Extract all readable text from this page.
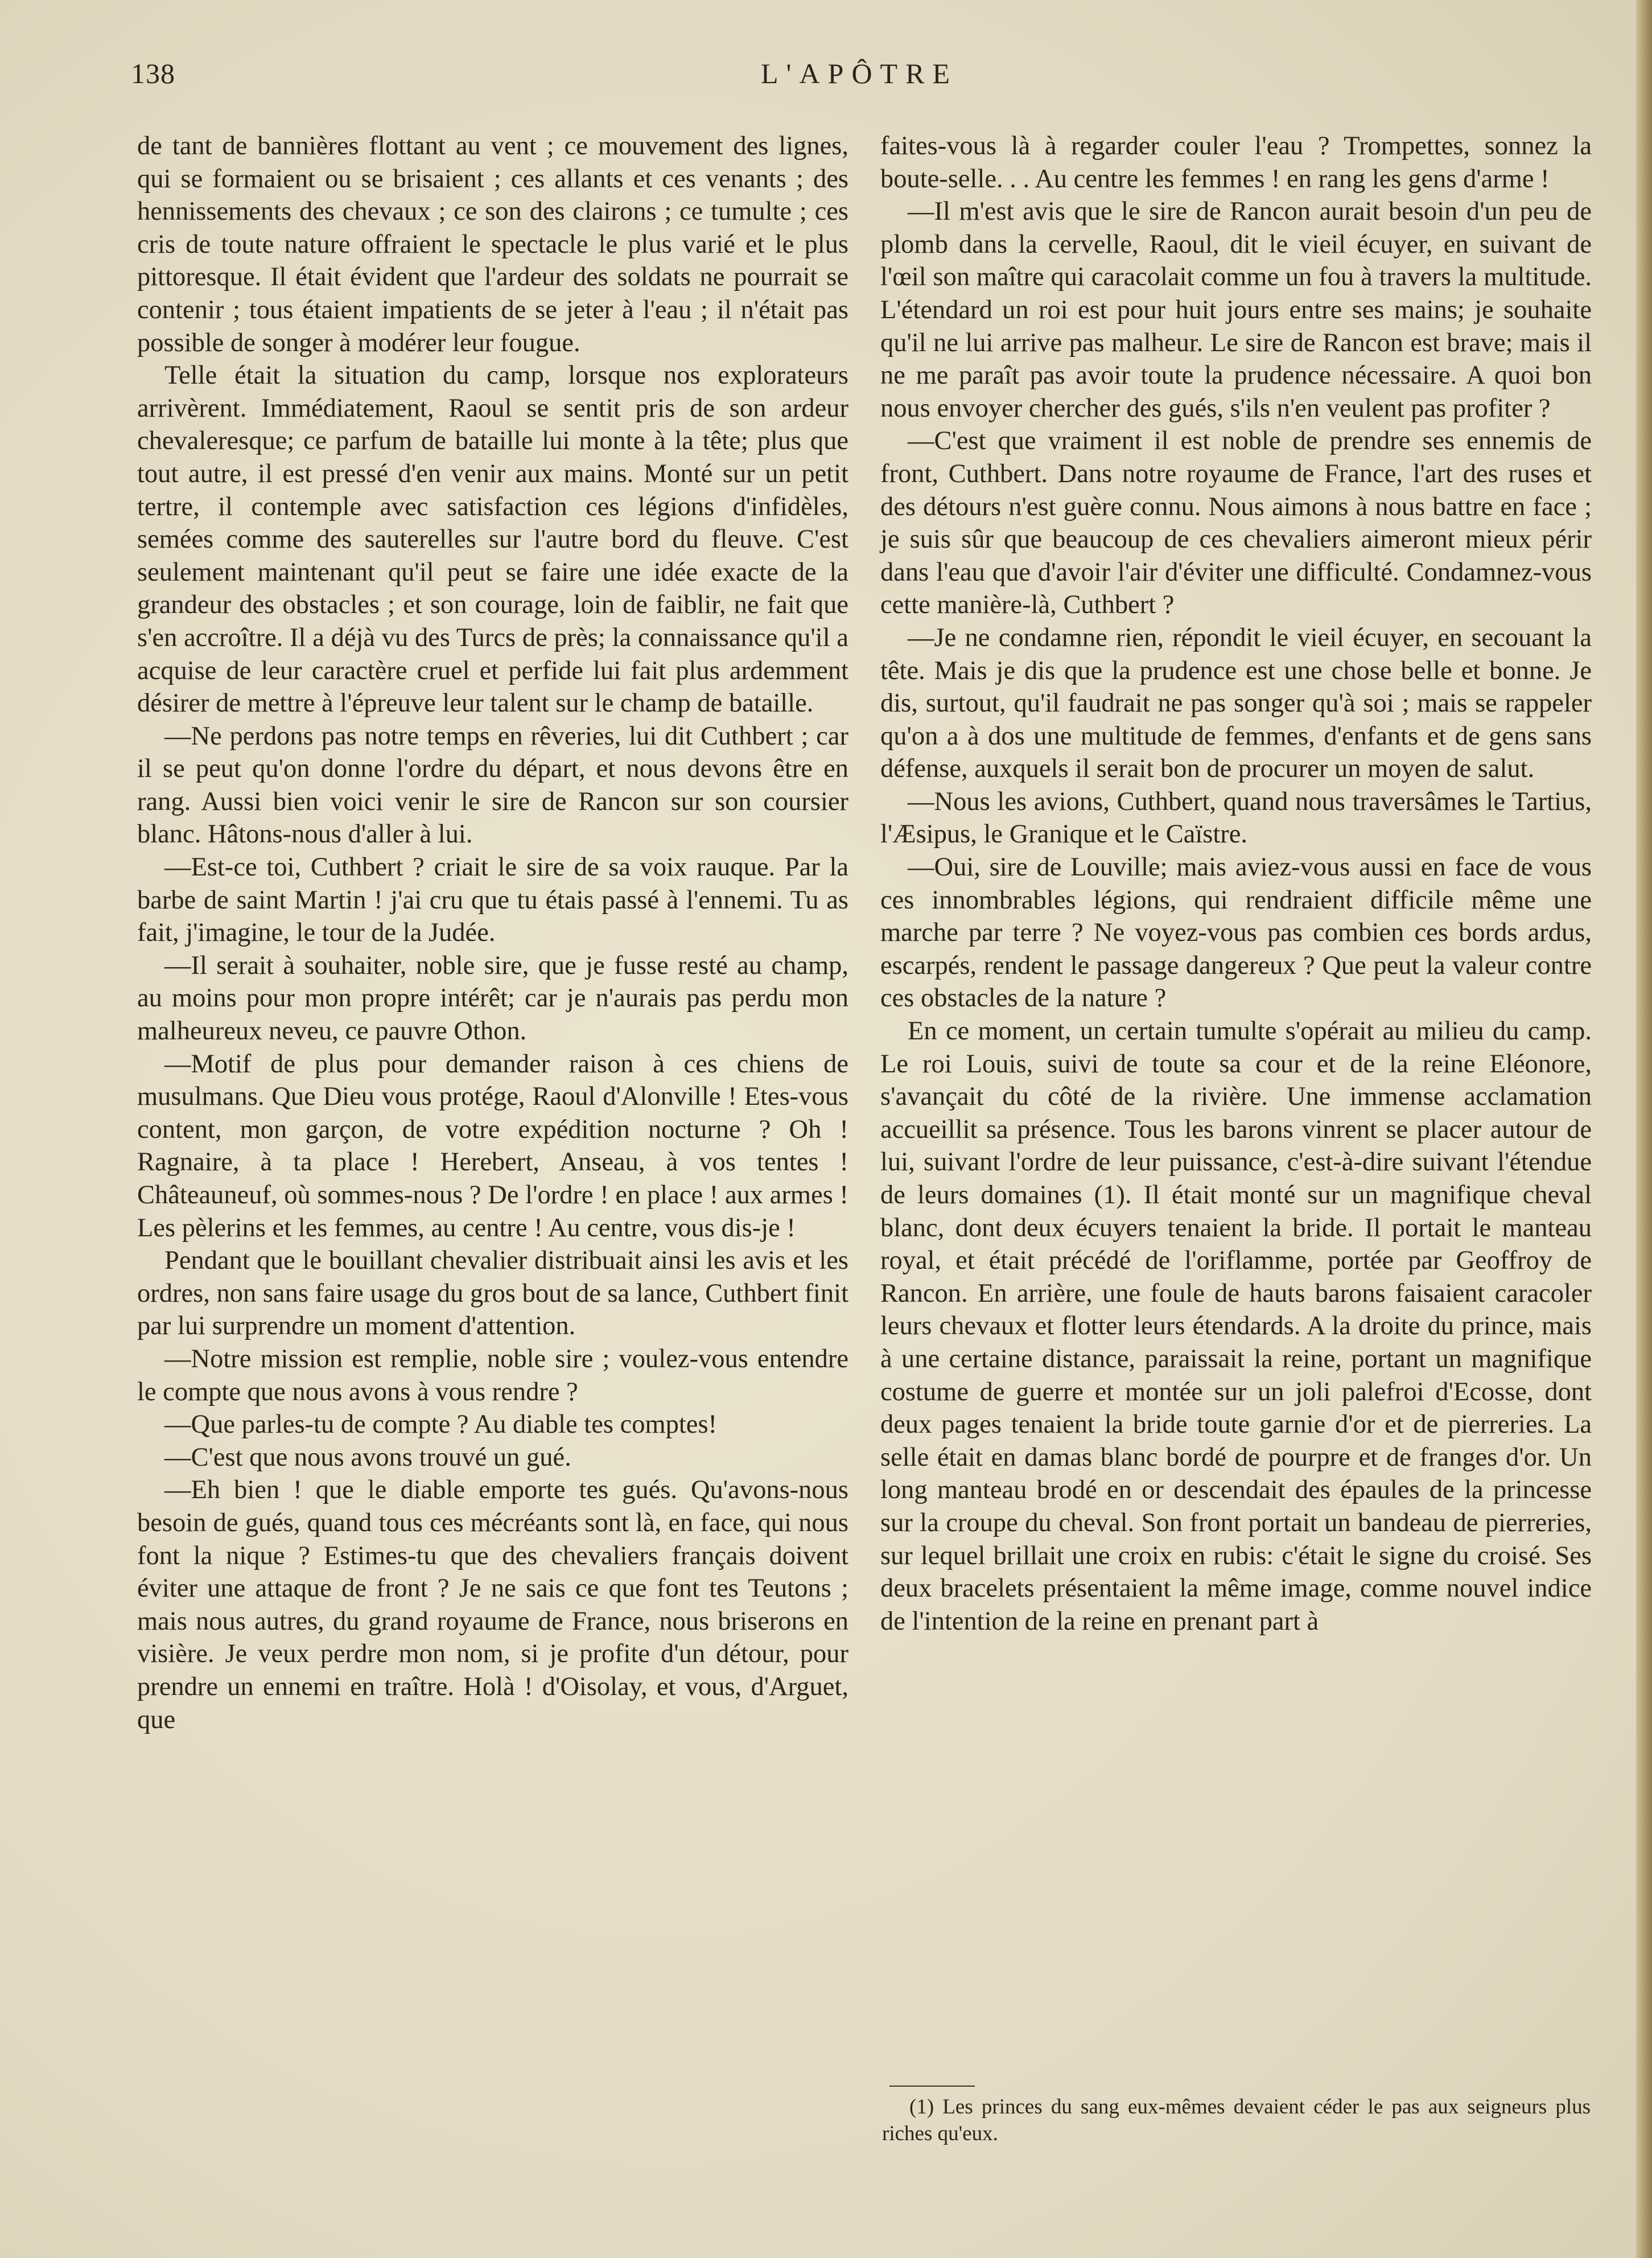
138	L'APÔTRE

de tant de bannières flottant au vent ; ce mouvement des lignes, qui se formaient ou se brisaient ; ces allants et ces venants ; des hennissements des chevaux ; ce son des clairons ; ce tumulte ; ces cris de toute nature offraient le spectacle le plus varié et le plus pittoresque. Il était évident que l'ardeur des soldats ne pourrait se contenir ; tous étaient impatients de se jeter à l'eau ; il n'était pas possible de songer à modérer leur fougue.

Telle était la situation du camp, lorsque nos explorateurs arrivèrent. Immédiatement, Raoul se sentit pris de son ardeur chevaleresque; ce parfum de bataille lui monte à la tête; plus que tout autre, il est pressé d'en venir aux mains. Monté sur un petit tertre, il contemple avec satisfaction ces légions d'infidèles, semées comme des sauterelles sur l'autre bord du fleuve. C'est seulement maintenant qu'il peut se faire une idée exacte de la grandeur des obstacles ; et son courage, loin de faiblir, ne fait que s'en accroître. Il a déjà vu des Turcs de près; la connaissance qu'il a acquise de leur caractère cruel et perfide lui fait plus ardemment désirer de mettre à l'épreuve leur talent sur le champ de bataille.

—Ne perdons pas notre temps en rêveries, lui dit Cuthbert ; car il se peut qu'on donne l'ordre du départ, et nous devons être en rang. Aussi bien voici venir le sire de Rancon sur son coursier blanc. Hâtons-nous d'aller à lui.

—Est-ce toi, Cuthbert ? criait le sire de sa voix rauque. Par la barbe de saint Martin ! j'ai cru que tu étais passé à l'ennemi. Tu as fait, j'imagine, le tour de la Judée.

—Il serait à souhaiter, noble sire, que je fusse resté au champ, au moins pour mon propre intérêt; car je n'aurais pas perdu mon malheureux neveu, ce pauvre Othon.

—Motif de plus pour demander raison à ces chiens de musulmans. Que Dieu vous protége, Raoul d'Alonville ! Etes-vous content, mon garçon, de votre expédition nocturne ? Oh ! Ragnaire, à ta place ! Herebert, Anseau, à vos tentes ! Châteauneuf, où sommes-nous ? De l'ordre ! en place ! aux armes ! Les pèlerins et les femmes, au centre ! Au centre, vous dis-je !

Pendant que le bouillant chevalier distribuait ainsi les avis et les ordres, non sans faire usage du gros bout de sa lance, Cuthbert finit par lui surprendre un moment d'attention.

—Notre mission est remplie, noble sire ; voulez-vous entendre le compte que nous avons à vous rendre ?

—Que parles-tu de compte ? Au diable tes comptes!

—C'est que nous avons trouvé un gué.

—Eh bien ! que le diable emporte tes gués. Qu'avons-nous besoin de gués, quand tous ces mécréants sont là, en face, qui nous font la nique ? Estimes-tu que des chevaliers français doivent éviter une attaque de front ? Je ne sais ce que font tes Teutons ; mais nous autres, du grand royaume de France, nous briserons en visière. Je veux perdre mon nom, si je profite d'un détour, pour prendre un ennemi en traître. Holà ! d'Oisolay, et vous, d'Arguet, que

faites-vous là à regarder couler l'eau ? Trompettes, sonnez la boute-selle. . . Au centre les femmes ! en rang les gens d'arme !

—Il m'est avis que le sire de Rancon aurait besoin d'un peu de plomb dans la cervelle, Raoul, dit le vieil écuyer, en suivant de l'œil son maître qui caracolait comme un fou à travers la multitude. L'étendard un roi est pour huit jours entre ses mains; je souhaite qu'il ne lui arrive pas malheur. Le sire de Rancon est brave; mais il ne me paraît pas avoir toute la prudence nécessaire. A quoi bon nous envoyer chercher des gués, s'ils n'en veulent pas profiter ?

—C'est que vraiment il est noble de prendre ses ennemis de front, Cuthbert. Dans notre royaume de France, l'art des ruses et des détours n'est guère connu. Nous aimons à nous battre en face ; je suis sûr que beaucoup de ces chevaliers aimeront mieux périr dans l'eau que d'avoir l'air d'éviter une difficulté. Condamnez-vous cette manière-là, Cuthbert ?

—Je ne condamne rien, répondit le vieil écuyer, en secouant la tête. Mais je dis que la prudence est une chose belle et bonne. Je dis, surtout, qu'il faudrait ne pas songer qu'à soi ; mais se rappeler qu'on a à dos une multitude de femmes, d'enfants et de gens sans défense, auxquels il serait bon de procurer un moyen de salut.

—Nous les avions, Cuthbert, quand nous traversâmes le Tartius, l'Æsipus, le Granique et le Caïstre.

—Oui, sire de Louville; mais aviez-vous aussi en face de vous ces innombrables légions, qui rendraient difficile même une marche par terre ? Ne voyez-vous pas combien ces bords ardus, escarpés, rendent le passage dangereux ? Que peut la valeur contre ces obstacles de la nature ?

En ce moment, un certain tumulte s'opérait au milieu du camp. Le roi Louis, suivi de toute sa cour et de la reine Eléonore, s'avançait du côté de la rivière. Une immense acclamation accueillit sa présence. Tous les barons vinrent se placer autour de lui, suivant l'ordre de leur puissance, c'est-à-dire suivant l'étendue de leurs domaines (1). Il était monté sur un magnifique cheval blanc, dont deux écuyers tenaient la bride. Il portait le manteau royal, et était précédé de l'oriflamme, portée par Geoffroy de Rancon. En arrière, une foule de hauts barons faisaient caracoler leurs chevaux et flotter leurs étendards. A la droite du prince, mais à une certaine distance, paraissait la reine, portant un magnifique costume de guerre et montée sur un joli palefroi d'Ecosse, dont deux pages tenaient la bride toute garnie d'or et de pierreries. La selle était en damas blanc bordé de pourpre et de franges d'or. Un long manteau brodé en or descendait des épaules de la princesse sur la croupe du cheval. Son front portait un bandeau de pierreries, sur lequel brillait une croix en rubis: c'était le signe du croisé. Ses deux bracelets présentaient la même image, comme nouvel indice de l'intention de la reine en prenant part à

(1) Les princes du sang eux-mêmes devaient céder le pas aux seigneurs plus riches qu'eux.
